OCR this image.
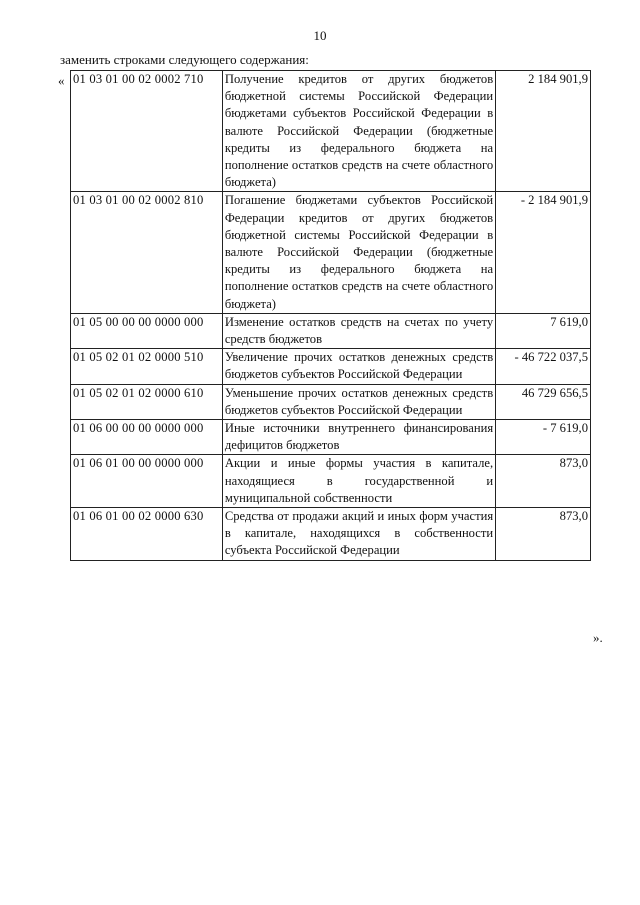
10
заменить строками следующего содержания:
« 01 03 01 00 02 0002 710	Получение кредитов от других бюджетов бюджетной системы Российской Федерации бюджетами субъектов Российской Федерации в валюте Российской Федерации (бюджетные кредиты из федерального бюджета на пополнение остатков средств на счете областного бюджета)	2 184 901,9
01 03 01 00 02 0002 810	Погашение бюджетами субъектов Российской Федерации кредитов от других бюджетов бюджетной системы Российской Федерации в валюте Российской Федерации (бюджетные кредиты из федерального бюджета на пополнение остатков средств на счете областного бюджета)	- 2 184 901,9
01 05 00 00 00 0000 000	Изменение остатков средств на счетах по учету средств бюджетов	7 619,0
01 05 02 01 02 0000 510	Увеличение прочих остатков денежных средств бюджетов субъектов Российской Федерации	- 46 722 037,5
01 05 02 01 02 0000 610	Уменьшение прочих остатков денежных средств бюджетов субъектов Российской Федерации	46 729 656,5
01 06 00 00 00 0000 000	Иные источники внутреннего финансирования дефицитов бюджетов	- 7 619,0
01 06 01 00 00 0000 000	Акции и иные формы участия в капитале, находящиеся в государственной и муниципальной собственности	873,0
01 06 01 00 02 0000 630	Средства от продажи акций и иных форм участия в капитале, находящихся в собственности субъекта Российской Федерации	873,0
».
